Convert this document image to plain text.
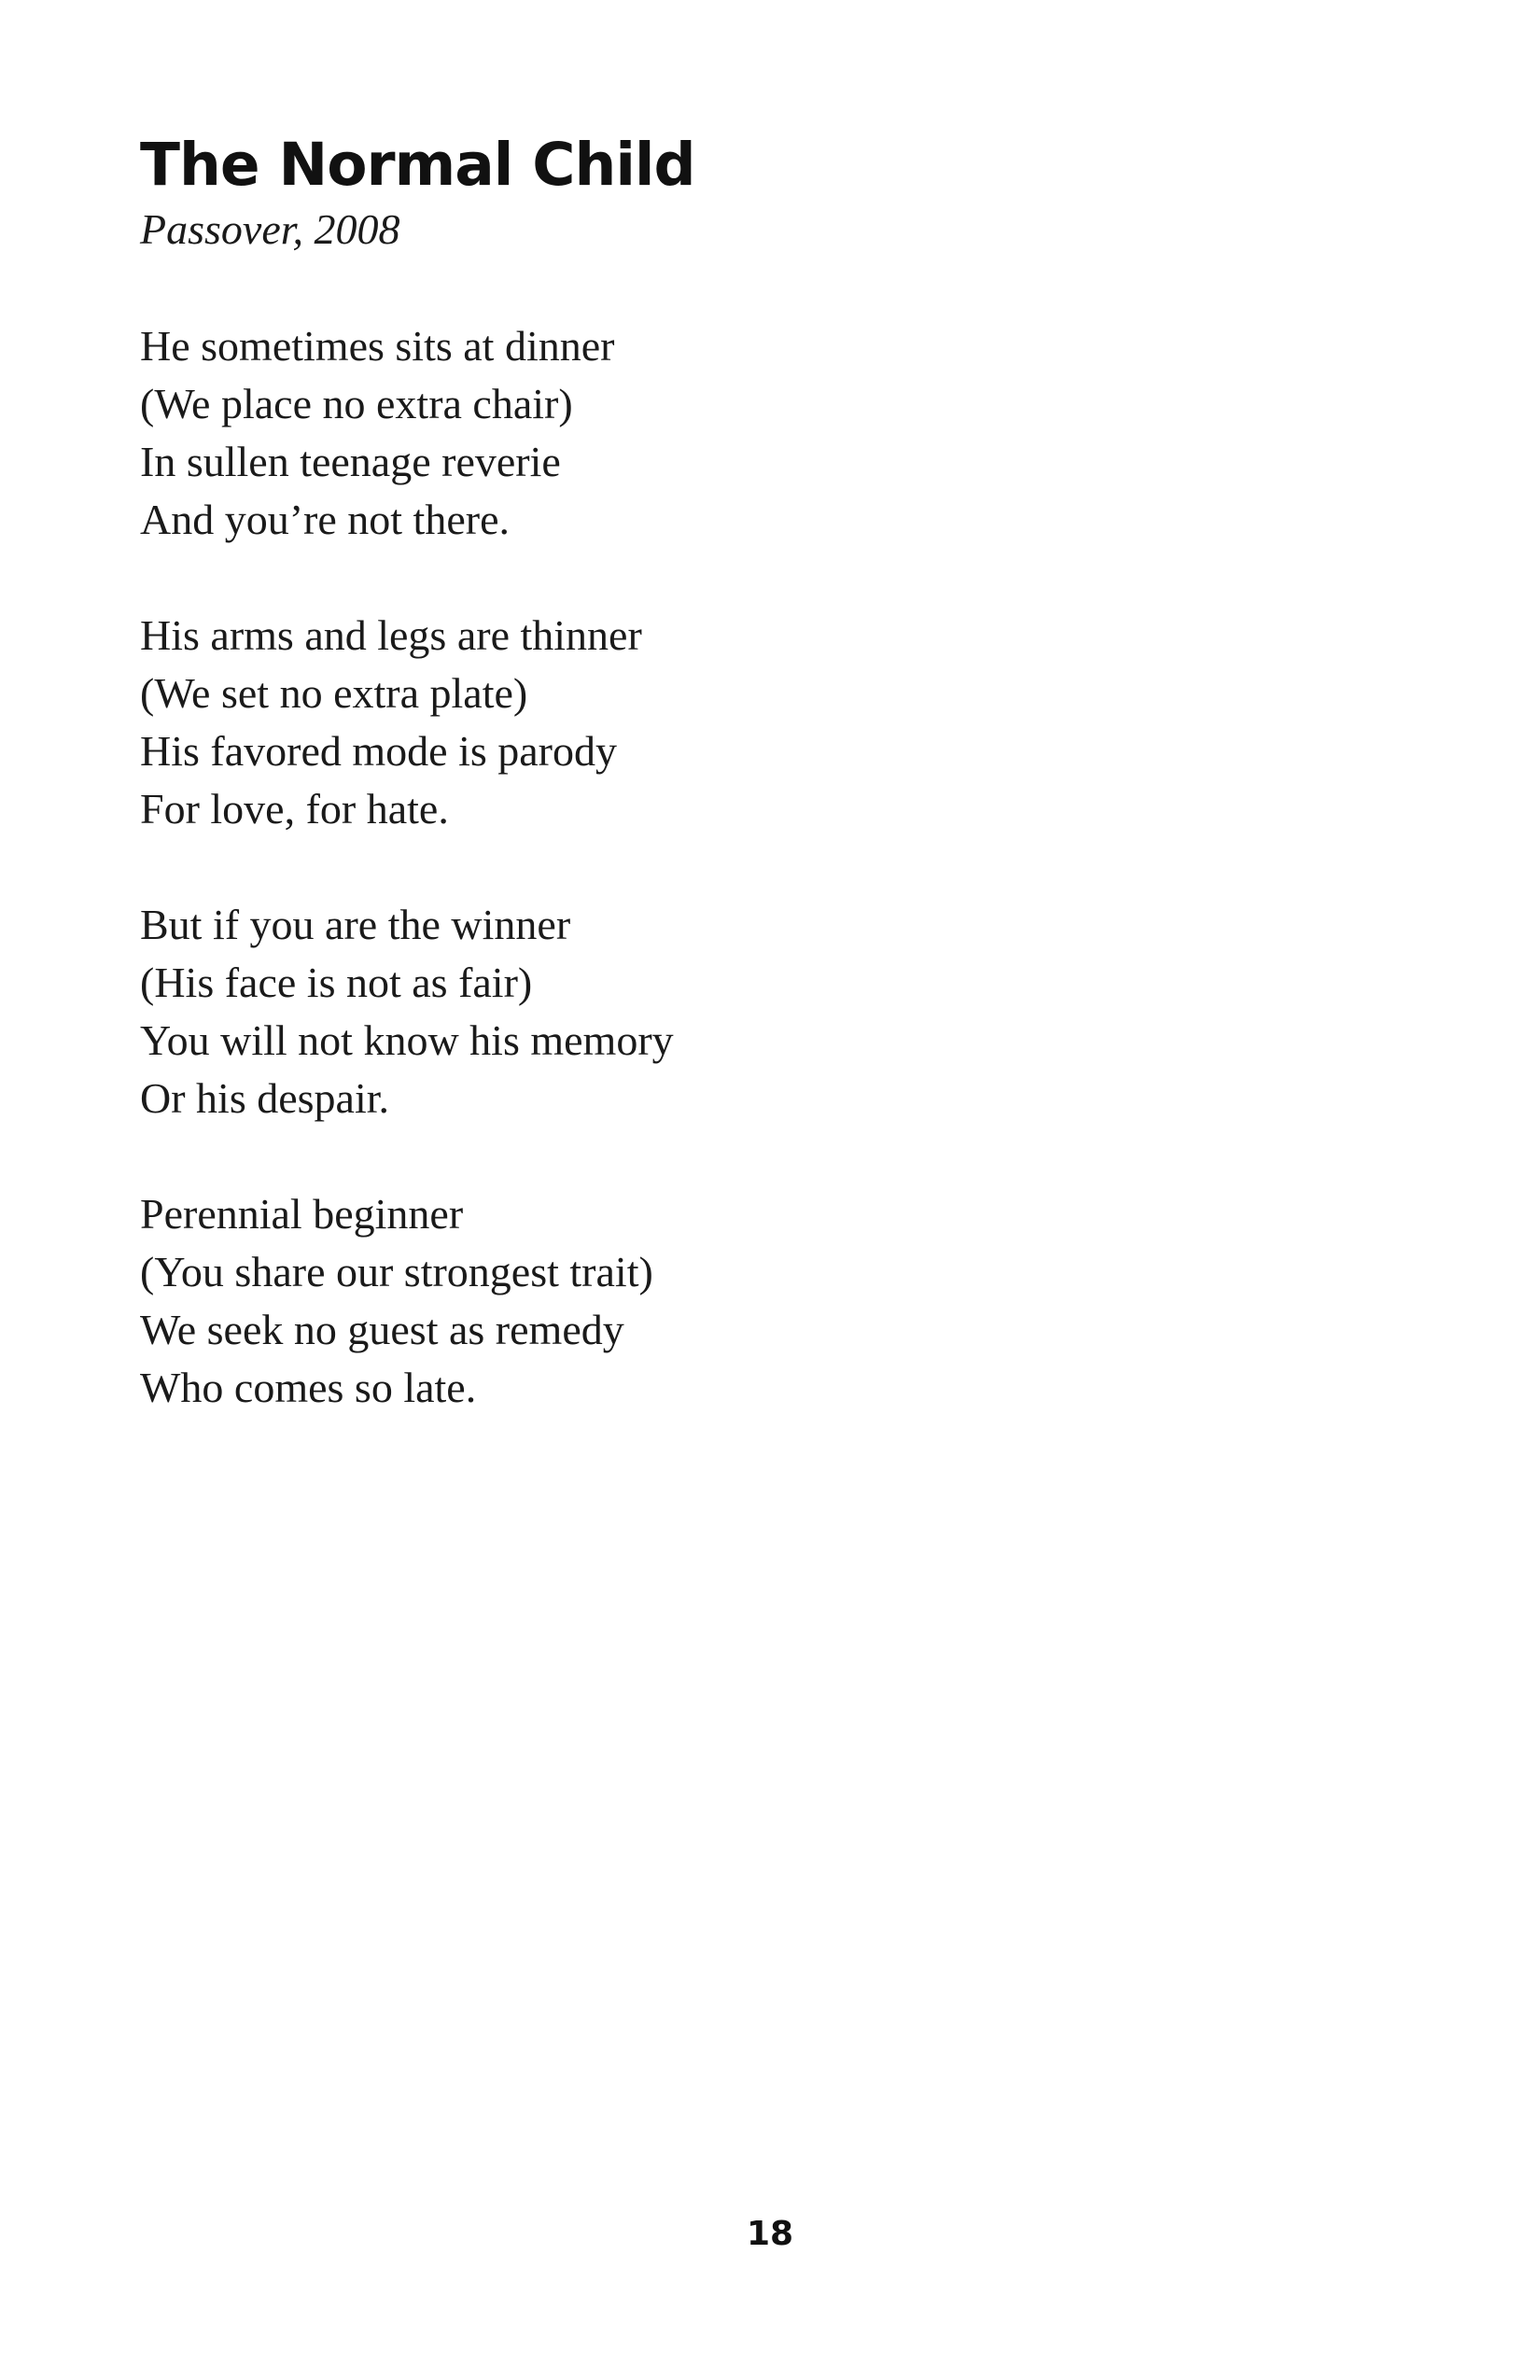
The Normal Child

Passover, 2008

He sometimes sits at dinner
(We place no extra chair)
In sullen teenage reverie
And you’re not there.
His arms and legs are thinner
(We set no extra plate)
His favored mode is parody
For love, for hate.
But if you are the winner
(His face is not as fair)
You will not know his memory
Or his despair.
Perennial beginner
(You share our strongest trait)
We seek no guest as remedy
Who comes so late.
18
